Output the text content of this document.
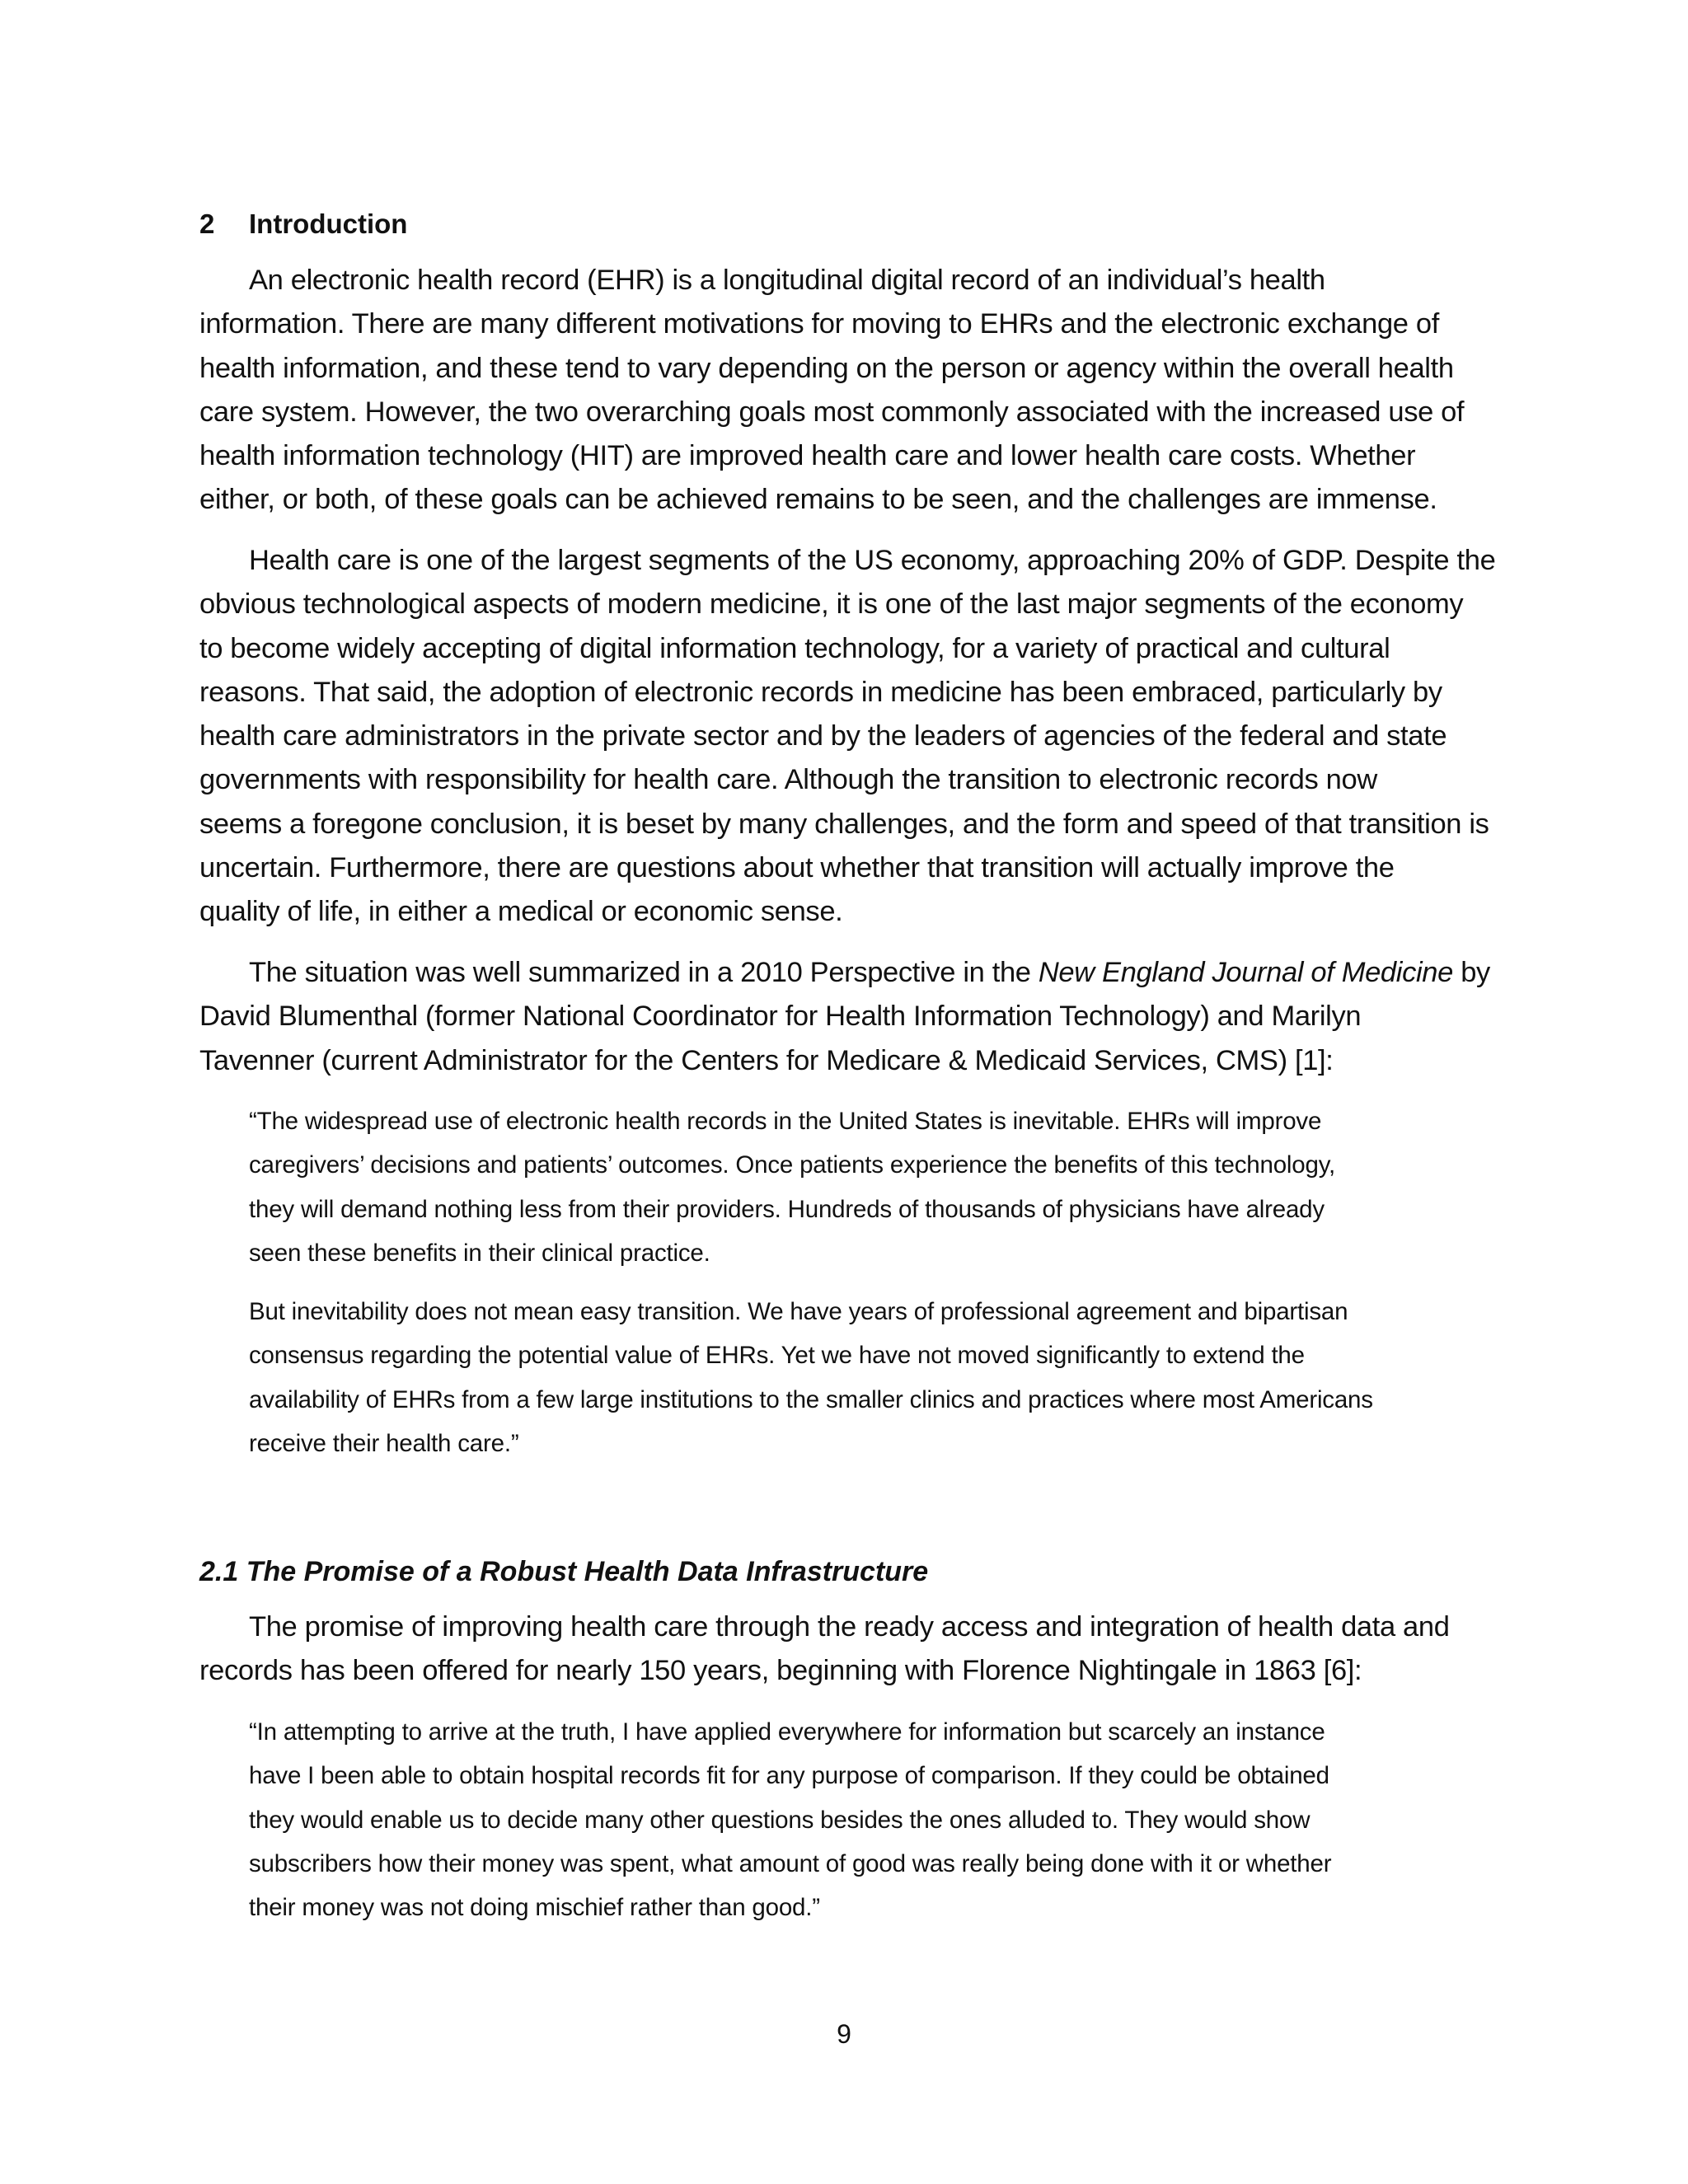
2 Introduction
An electronic health record (EHR) is a longitudinal digital record of an individual’s health
information. There are many different motivations for moving to EHRs and the electronic exchange of
health information, and these tend to vary depending on the person or agency within the overall health
care system. However, the two overarching goals most commonly associated with the increased use of
health information technology (HIT) are improved health care and lower health care costs. Whether
either, or both, of these goals can be achieved remains to be seen, and the challenges are immense.
Health care is one of the largest segments of the US economy, approaching 20% of GDP. Despite the
obvious technological aspects of modern medicine, it is one of the last major segments of the economy
to become widely accepting of digital information technology, for a variety of practical and cultural
reasons. That said, the adoption of electronic records in medicine has been embraced, particularly by
health care administrators in the private sector and by the leaders of agencies of the federal and state
governments with responsibility for health care. Although the transition to electronic records now
seems a foregone conclusion, it is beset by many challenges, and the form and speed of that transition is
uncertain. Furthermore, there are questions about whether that transition will actually improve the
quality of life, in either a medical or economic sense.
The situation was well summarized in a 2010 Perspective in the New England Journal of Medicine by
David Blumenthal (former National Coordinator for Health Information Technology) and Marilyn
Tavenner (current Administrator for the Centers for Medicare & Medicaid Services, CMS) [1]:
“The widespread use of electronic health records in the United States is inevitable. EHRs will improve
caregivers’ decisions and patients’ outcomes. Once patients experience the benefits of this technology,
they will demand nothing less from their providers. Hundreds of thousands of physicians have already
seen these benefits in their clinical practice.
But inevitability does not mean easy transition. We have years of professional agreement and bipartisan
consensus regarding the potential value of EHRs. Yet we have not moved significantly to extend the
availability of EHRs from a few large institutions to the smaller clinics and practices where most Americans
receive their health care.”
2.1 The Promise of a Robust Health Data Infrastructure
The promise of improving health care through the ready access and integration of health data and
records has been offered for nearly 150 years, beginning with Florence Nightingale in 1863 [6]:
“In attempting to arrive at the truth, I have applied everywhere for information but scarcely an instance
have I been able to obtain hospital records fit for any purpose of comparison. If they could be obtained
they would enable us to decide many other questions besides the ones alluded to. They would show
subscribers how their money was spent, what amount of good was really being done with it or whether
their money was not doing mischief rather than good.”
9
